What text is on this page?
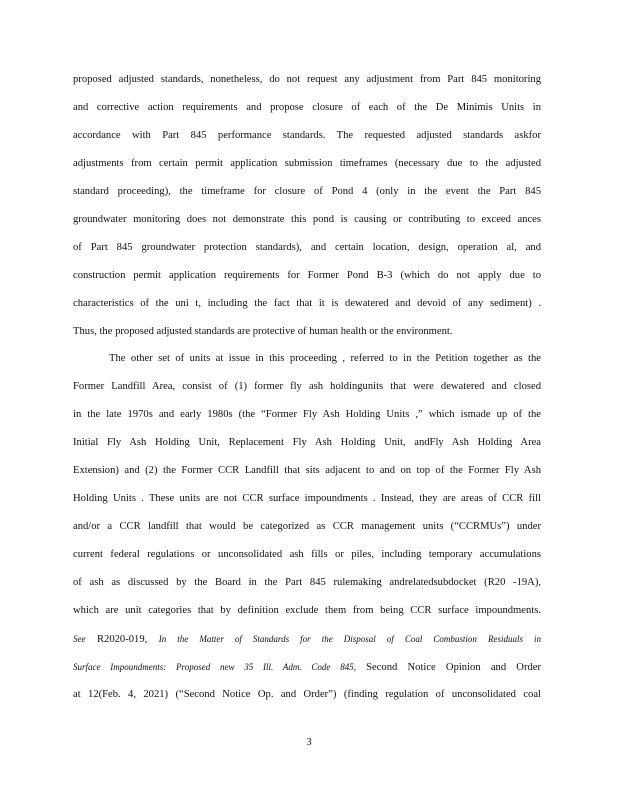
proposed adjusted standards, nonetheless, do not request any adjustment from Part 845 monitoring
and corrective action requirements and propose closure of each of the De Minimis Units in
accordance with Part 845 performance standards. The requested adjusted standards askfor
adjustments from certain permit application submission timeframes (necessary due to the adjusted
standard proceeding), the timeframe for closure of Pond 4 (only in the event the Part 845
groundwater monitoring does not demonstrate this pond is causing or contributing to exceed ances
of Part 845 groundwater protection standards), and certain location, design, operation al, and
construction permit application requirements for Former Pond B-3 (which do not apply due to
characteristics of the uni t, including the fact that it is dewatered and devoid of any sediment) .
Thus, the proposed adjusted standards are protective of human health or the environment.
The other set of units at issue in this proceeding , referred to in the Petition together as the
Former Landfill Area, consist of (1) former fly ash holdingunits that were dewatered and closed
in the late 1970s and early 1980s (the “Former Fly Ash Holding Units ,” which ismade up of the
Initial Fly Ash Holding Unit, Replacement Fly Ash Holding Unit, andFly Ash Holding Area
Extension) and (2) the Former CCR Landfill that sits adjacent to and on top of the Former Fly Ash
Holding Units . These units are not CCR surface impoundments . Instead, they are areas of CCR fill
and/or a CCR landfill that would be categorized as CCR management units (“CCRMUs”) under
current federal regulations or unconsolidated ash fills or piles, including temporary accumulations
of ash as discussed by the Board in the Part 845 rulemaking andrelatedsubdocket (R20 -19A),
which are unit categories that by definition exclude them from being CCR surface impoundments.
See R2020-019, In the Matter of Standards for the Disposal of Coal Combustion Residuals in
Surface Impoundments: Proposed new 35 Ill. Adm. Code 845, Second Notice Opinion and Order
at 12(Feb. 4, 2021) (“Second Notice Op. and Order”) (finding regulation of unconsolidated coal
3
